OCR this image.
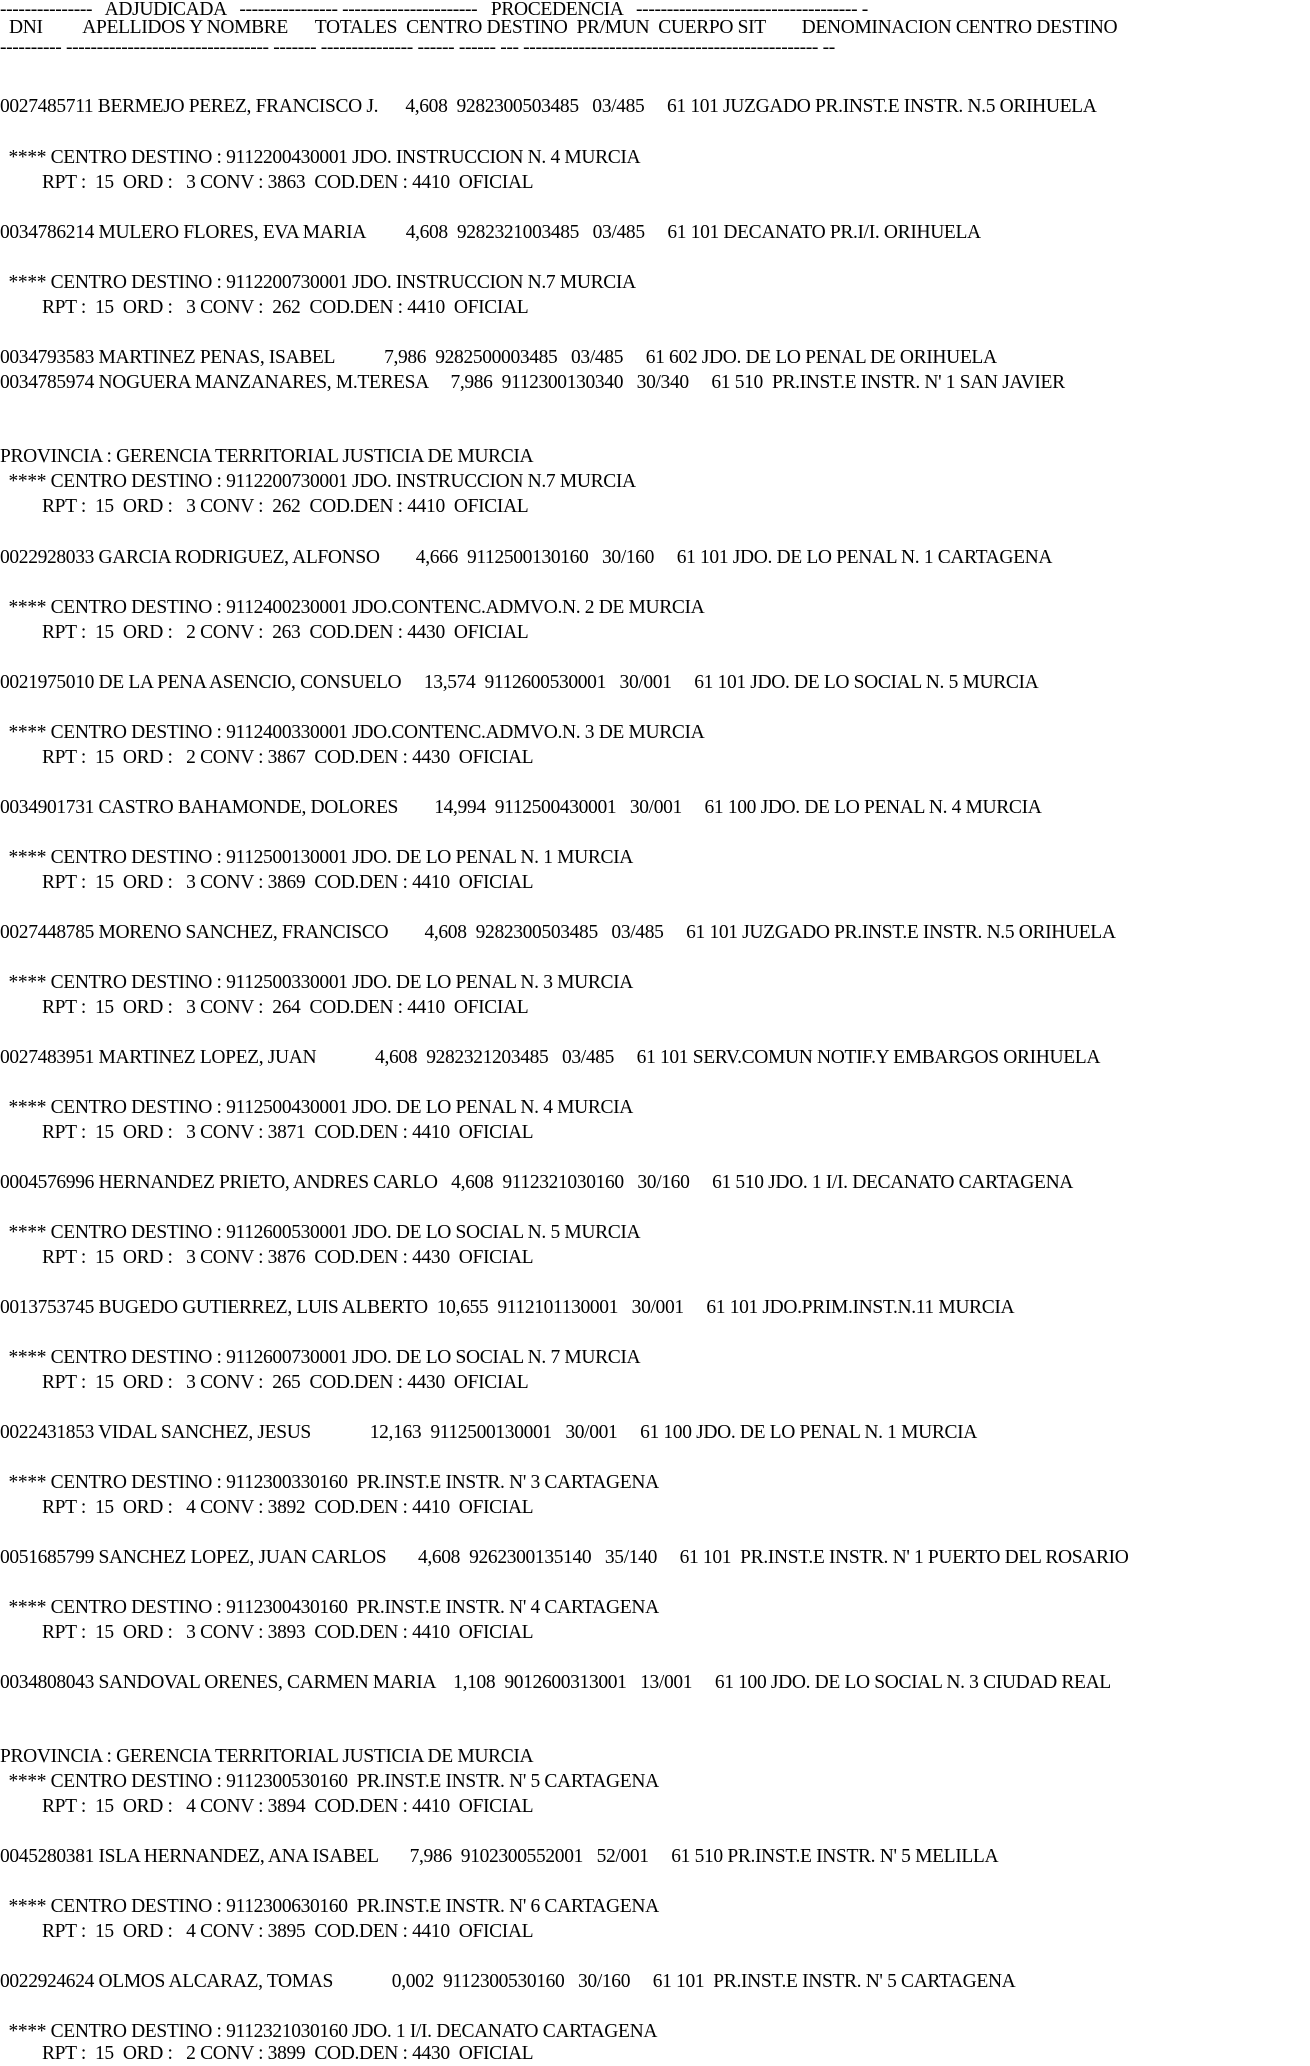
---------------   ADJUDICADA   ---------------- ----------------------   PROCEDENCIA   ------------------------------------ -
DNI         APELLIDOS Y NOMBRE      TOTALES  CENTRO DESTINO  PR/MUN  CUERPO SIT        DENOMINACION CENTRO DESTINO
---------- --------------------------------- ------- --------------- ------ ------ --- ------------------------------------------------ --
0027485711 BERMEJO PEREZ, FRANCISCO J.      4,608  9282300503485   03/485     61 101 JUZGADO PR.INST.E INSTR. N.5 ORIHUELA
**** CENTRO DESTINO : 9112200430001 JDO. INSTRUCCION N. 4 MURCIA
RPT :  15  ORD :   3 CONV : 3863  COD.DEN : 4410  OFICIAL
0034786214 MULERO FLORES, EVA MARIA         4,608  9282321003485   03/485     61 101 DECANATO PR.I/I. ORIHUELA
**** CENTRO DESTINO : 9112200730001 JDO. INSTRUCCION N.7 MURCIA
RPT :  15  ORD :   3 CONV :  262  COD.DEN : 4410  OFICIAL
0034793583 MARTINEZ PENAS, ISABEL           7,986  9282500003485   03/485     61 602 JDO. DE LO PENAL DE ORIHUELA
0034785974 NOGUERA MANZANARES, M.TERESA     7,986  9112300130340   30/340     61 510  PR.INST.E INSTR. N' 1 SAN JAVIER
PROVINCIA : GERENCIA TERRITORIAL JUSTICIA DE MURCIA
**** CENTRO DESTINO : 9112200730001 JDO. INSTRUCCION N.7 MURCIA
RPT :  15  ORD :   3 CONV :  262  COD.DEN : 4410  OFICIAL
0022928033 GARCIA RODRIGUEZ, ALFONSO        4,666  9112500130160   30/160     61 101 JDO. DE LO PENAL N. 1 CARTAGENA
**** CENTRO DESTINO : 9112400230001 JDO.CONTENC.ADMVO.N. 2 DE MURCIA
RPT :  15  ORD :   2 CONV :  263  COD.DEN : 4430  OFICIAL
0021975010 DE LA PENA ASENCIO, CONSUELO     13,574  9112600530001   30/001     61 101 JDO. DE LO SOCIAL N. 5 MURCIA
**** CENTRO DESTINO : 9112400330001 JDO.CONTENC.ADMVO.N. 3 DE MURCIA
RPT :  15  ORD :   2 CONV : 3867  COD.DEN : 4430  OFICIAL
0034901731 CASTRO BAHAMONDE, DOLORES        14,994  9112500430001   30/001     61 100 JDO. DE LO PENAL N. 4 MURCIA
**** CENTRO DESTINO : 9112500130001 JDO. DE LO PENAL N. 1 MURCIA
RPT :  15  ORD :   3 CONV : 3869  COD.DEN : 4410  OFICIAL
0027448785 MORENO SANCHEZ, FRANCISCO        4,608  9282300503485   03/485     61 101 JUZGADO PR.INST.E INSTR. N.5 ORIHUELA
**** CENTRO DESTINO : 9112500330001 JDO. DE LO PENAL N. 3 MURCIA
RPT :  15  ORD :   3 CONV :  264  COD.DEN : 4410  OFICIAL
0027483951 MARTINEZ LOPEZ, JUAN             4,608  9282321203485   03/485     61 101 SERV.COMUN NOTIF.Y EMBARGOS ORIHUELA
**** CENTRO DESTINO : 9112500430001 JDO. DE LO PENAL N. 4 MURCIA
RPT :  15  ORD :   3 CONV : 3871  COD.DEN : 4410  OFICIAL
0004576996 HERNANDEZ PRIETO, ANDRES CARLO   4,608  9112321030160   30/160     61 510 JDO. 1 I/I. DECANATO CARTAGENA
**** CENTRO DESTINO : 9112600530001 JDO. DE LO SOCIAL N. 5 MURCIA
RPT :  15  ORD :   3 CONV : 3876  COD.DEN : 4430  OFICIAL
0013753745 BUGEDO GUTIERREZ, LUIS ALBERTO  10,655  9112101130001   30/001     61 101 JDO.PRIM.INST.N.11 MURCIA
**** CENTRO DESTINO : 9112600730001 JDO. DE LO SOCIAL N. 7 MURCIA
RPT :  15  ORD :   3 CONV :  265  COD.DEN : 4430  OFICIAL
0022431853 VIDAL SANCHEZ, JESUS             12,163  9112500130001   30/001     61 100 JDO. DE LO PENAL N. 1 MURCIA
**** CENTRO DESTINO : 9112300330160  PR.INST.E INSTR. N' 3 CARTAGENA
RPT :  15  ORD :   4 CONV : 3892  COD.DEN : 4410  OFICIAL
0051685799 SANCHEZ LOPEZ, JUAN CARLOS       4,608  9262300135140   35/140     61 101  PR.INST.E INSTR. N' 1 PUERTO DEL ROSARIO
**** CENTRO DESTINO : 9112300430160  PR.INST.E INSTR. N' 4 CARTAGENA
RPT :  15  ORD :   3 CONV : 3893  COD.DEN : 4410  OFICIAL
0034808043 SANDOVAL ORENES, CARMEN MARIA    1,108  9012600313001   13/001     61 100 JDO. DE LO SOCIAL N. 3 CIUDAD REAL
PROVINCIA : GERENCIA TERRITORIAL JUSTICIA DE MURCIA
**** CENTRO DESTINO : 9112300530160  PR.INST.E INSTR. N' 5 CARTAGENA
RPT :  15  ORD :   4 CONV : 3894  COD.DEN : 4410  OFICIAL
0045280381 ISLA HERNANDEZ, ANA ISABEL       7,986  9102300552001   52/001     61 510 PR.INST.E INSTR. N' 5 MELILLA
**** CENTRO DESTINO : 9112300630160  PR.INST.E INSTR. N' 6 CARTAGENA
RPT :  15  ORD :   4 CONV : 3895  COD.DEN : 4410  OFICIAL
0022924624 OLMOS ALCARAZ, TOMAS             0,002  9112300530160   30/160     61 101  PR.INST.E INSTR. N' 5 CARTAGENA
**** CENTRO DESTINO : 9112321030160 JDO. 1 I/I. DECANATO CARTAGENA
RPT :  15  ORD :   2 CONV : 3899  COD.DEN : 4430  OFICIAL
